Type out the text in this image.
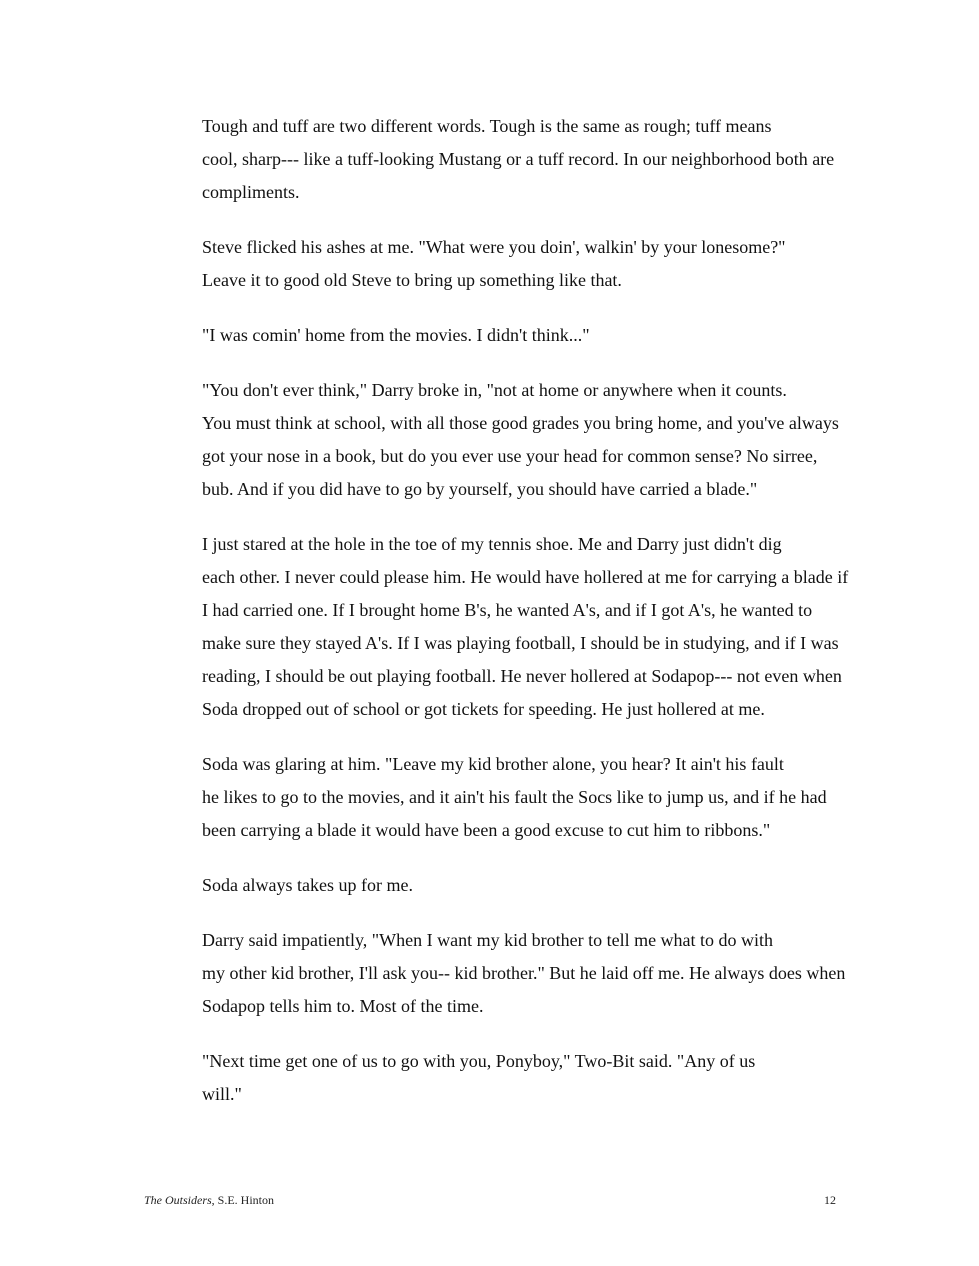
Tough and tuff are two different words. Tough is the same as rough; tuff means
cool, sharp--- like a tuff-looking Mustang or a tuff record. In our neighborhood both are
compliments.

Steve flicked his ashes at me. "What were you doin', walkin' by your lonesome?"
Leave it to good old Steve to bring up something like that.

"I was comin' home from the movies. I didn't think..."

"You don't ever think," Darry broke in, "not at home or anywhere when it counts.
You must think at school, with all those good grades you bring home, and you've always
got your nose in a book, but do you ever use your head for common sense? No sirree,
bub. And if you did have to go by yourself, you should have carried a blade."

I just stared at the hole in the toe of my tennis shoe. Me and Darry just didn't dig
each other. I never could please him. He would have hollered at me for carrying a blade if
I had carried one. If I brought home B's, he wanted A's, and if I got A's, he wanted to
make sure they stayed A's. If I was playing football, I should be in studying, and if I was
reading, I should be out playing football. He never hollered at Sodapop--- not even when
Soda dropped out of school or got tickets for speeding. He just hollered at me.

Soda was glaring at him. "Leave my kid brother alone, you hear? It ain't his fault
he likes to go to the movies, and it ain't his fault the Socs like to jump us, and if he had
been carrying a blade it would have been a good excuse to cut him to ribbons."

Soda always takes up for me.

Darry said impatiently, "When I want my kid brother to tell me what to do with
my other kid brother, I'll ask you-- kid brother." But he laid off me. He always does when
Sodapop tells him to. Most of the time.

"Next time get one of us to go with you, Ponyboy," Two-Bit said. "Any of us
will."

The Outsiders, S.E. Hinton	12
